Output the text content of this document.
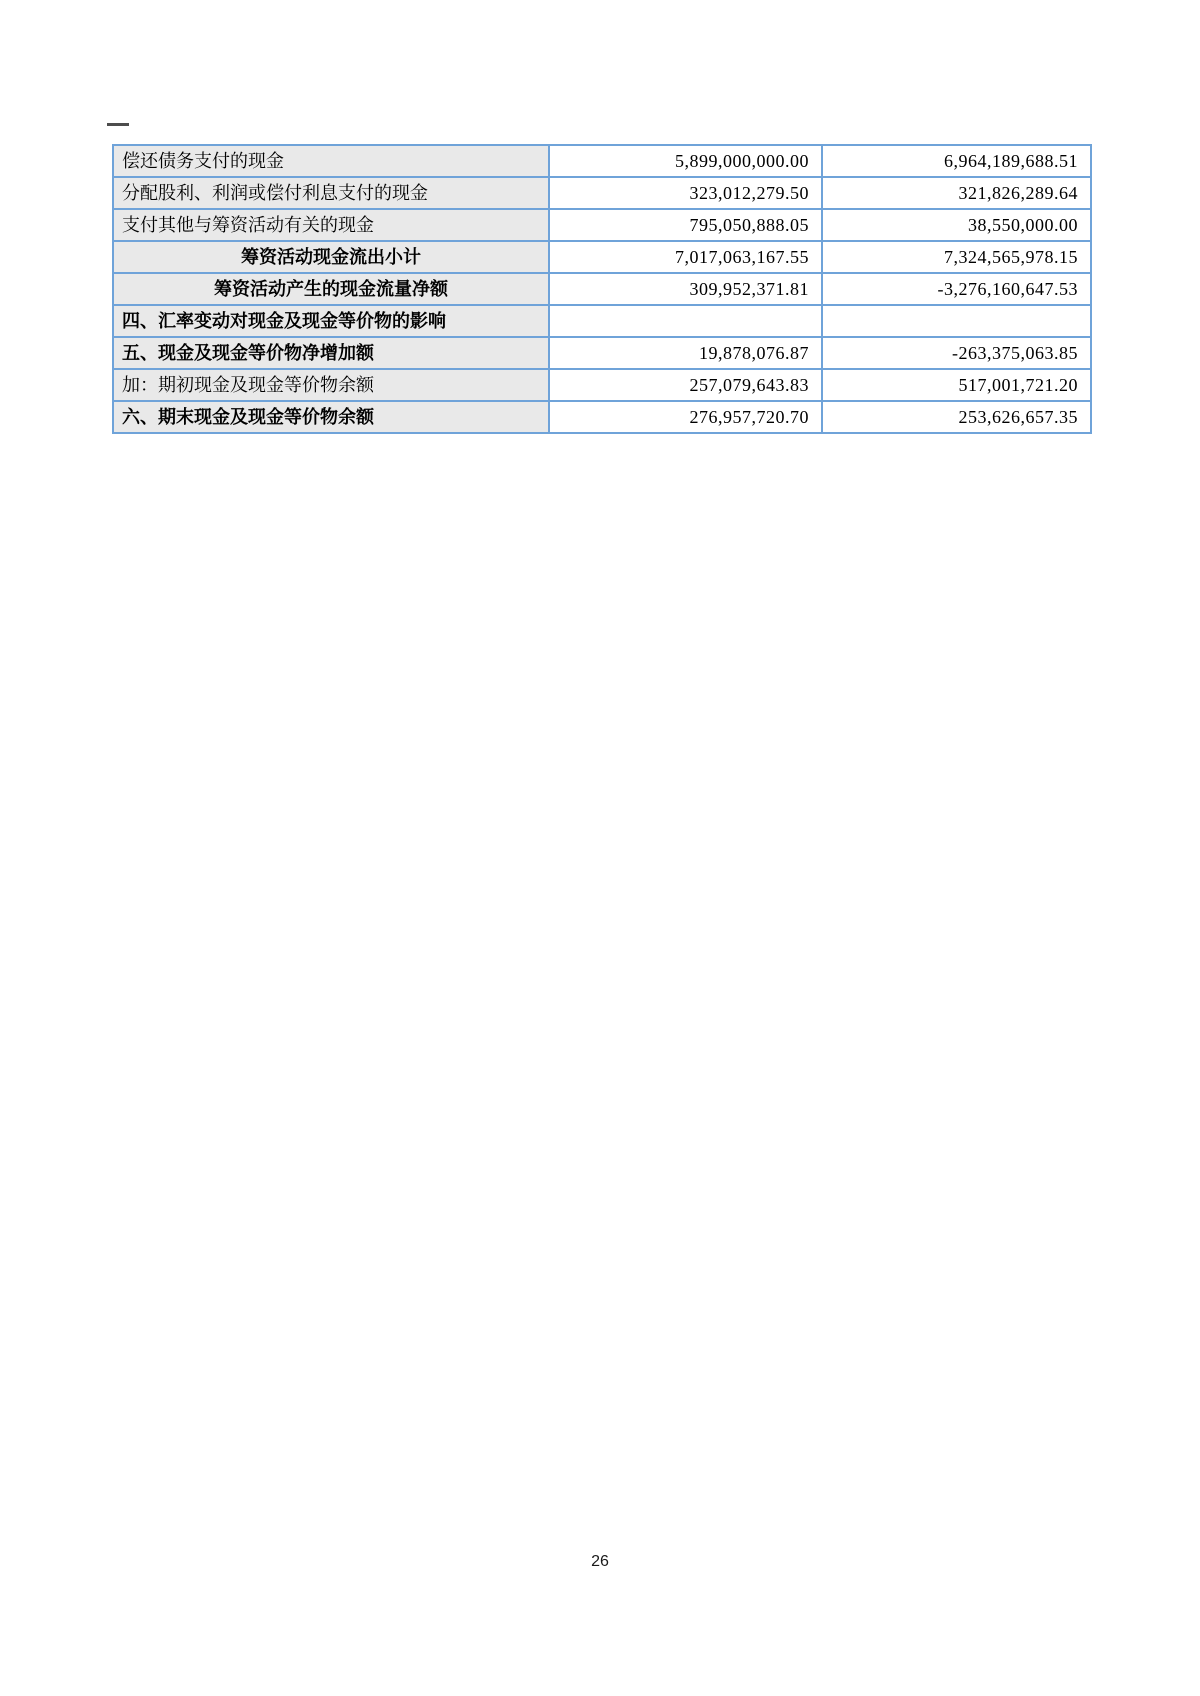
偿还债务支付的现金	5,899,000,000.00	6,964,189,688.51
分配股利、利润或偿付利息支付的现金	323,012,279.50	321,826,289.64
支付其他与筹资活动有关的现金	795,050,888.05	38,550,000.00
筹资活动现金流出小计	7,017,063,167.55	7,324,565,978.15
筹资活动产生的现金流量净额	309,952,371.81	-3,276,160,647.53
四、汇率变动对现金及现金等价物的影响		
五、现金及现金等价物净增加额	19,878,076.87	-263,375,063.85
加：期初现金及现金等价物余额	257,079,643.83	517,001,721.20
六、期末现金及现金等价物余额	276,957,720.70	253,626,657.35
26
